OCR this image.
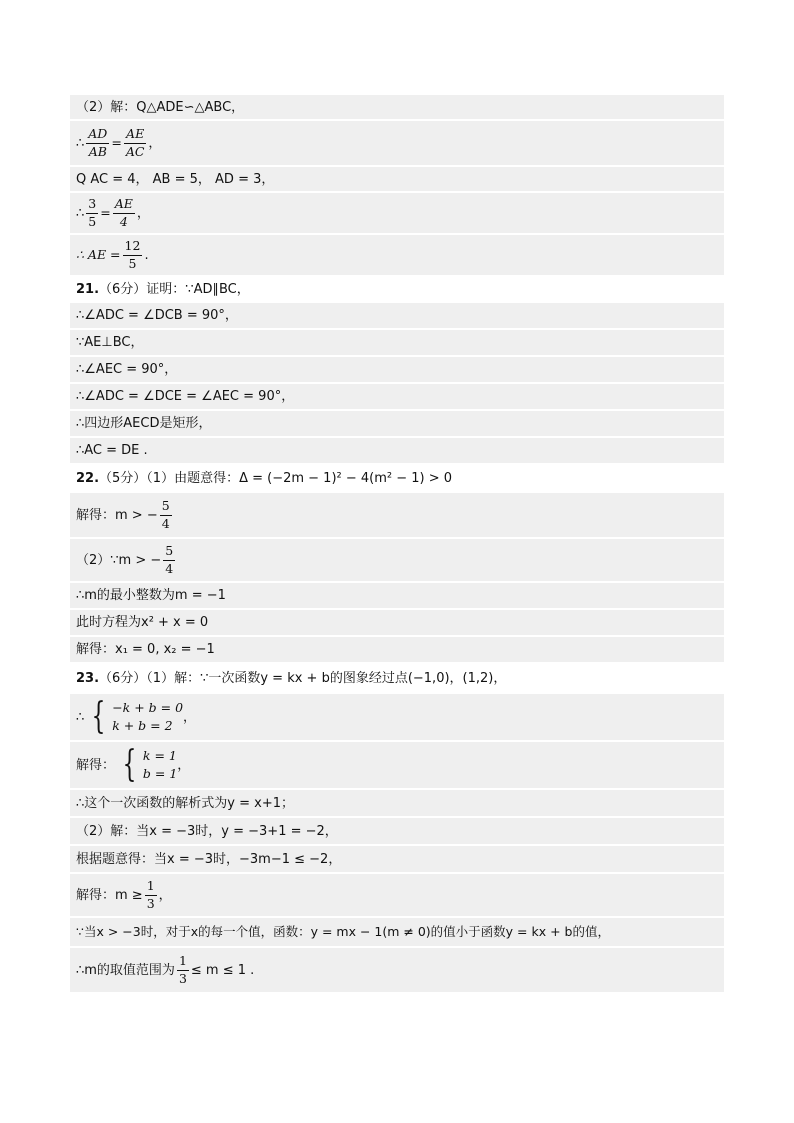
（2）解：Q△ADE∽△ABC，
∴ $\frac{AD}{AB} = \frac{AE}{AC}$ ，
Q AC = 4， AB = 5， AD = 3，
∴ $\frac{3}{5} = \frac{AE}{4}$ ，
∴ AE = $\frac{12}{5}$ .
21. （6分）证明：∵AD∥BC，
∴∠ADC = ∠DCB = 90°，
∵AE⊥BC，
∴∠AEC = 90°，
∴∠ADC = ∠DCE = ∠AEC = 90°，
∴四边形AECD是矩形，
∴AC = DE .
22. （5分）（1）由题意得：Δ = (−2m − 1)² − 4(m² − 1) > 0
解得：m > − $\frac{5}{4}$
（2）∵m > − $\frac{5}{4}$
∴m的最小整数为m = −1
此时方程为x² + x = 0
解得：x₁ = 0, x₂ = −1
23. （6分）（1）解：∵一次函数y = kx + b的图象经过点(−1,0)，(1,2)，
∴ { −k + b = 0
k + b = 2
，
解得： { k = 1
b = 1
，
∴这个一次函数的解析式为y = x+1；
（2）解：当x = −3时，y = −3+1 = −2，
根据题意得：当x = −3时，−3m−1 ≤ −2，
解得：$m \ge \frac{1}{3}$ ，
∵当x > −3时，对于x的每一个值，函数：y = mx − 1(m ≠ 0)的值小于函数y = kx + b的值，
∴m的取值范围为 $\frac{1}{3} \le m \le 1$ .
